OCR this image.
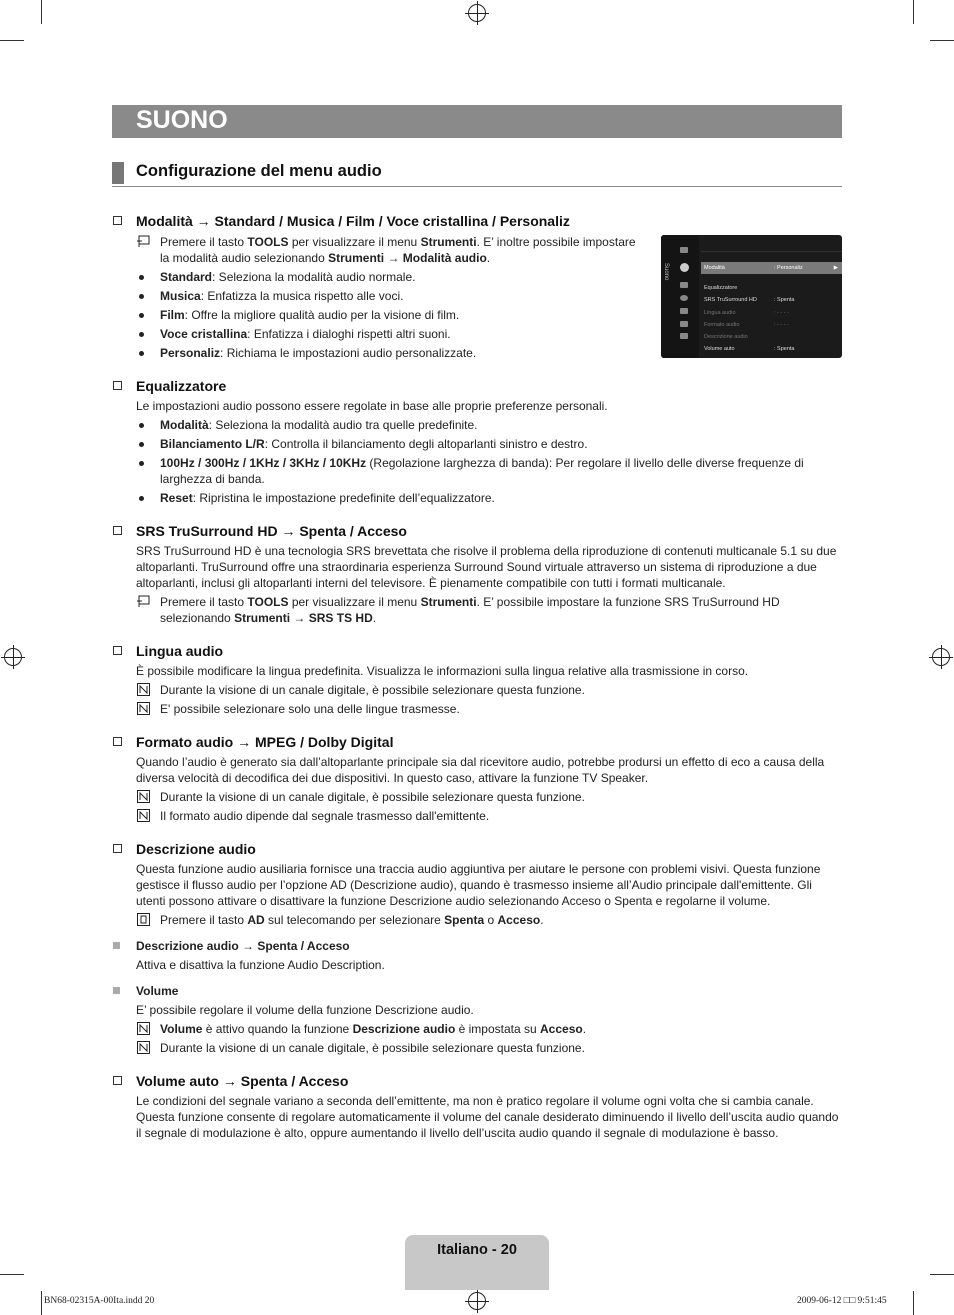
SUONO
Configurazione del menu audio
Suono	Modalità	: Personaliz	▶
Equalizzatore
SRS TruSurround HD	: Spenta
Lingua audio	: - - - -
Formato audio	: - - - -
Descrizione audio
Volume auto	: Spenta
Modalità → Standard / Musica / Film / Voce cristallina / Personaliz
Premere il tasto TOOLS per visualizzare il menu Strumenti. E’ inoltre possibile impostare la modalità audio selezionando Strumenti → Modalità audio.
Standard: Seleziona la modalità audio normale.
Musica: Enfatizza la musica rispetto alle voci.
Film: Offre la migliore qualità audio per la visione di film.
Voce cristallina: Enfatizza i dialoghi rispetti altri suoni.
Personaliz: Richiama le impostazioni audio personalizzate.
Equalizzatore
Le impostazioni audio possono essere regolate in base alle proprie preferenze personali.
Modalità: Seleziona la modalità audio tra quelle predefinite.
Bilanciamento L/R: Controlla il bilanciamento degli altoparlanti sinistro e destro.
100Hz / 300Hz / 1KHz / 3KHz / 10KHz (Regolazione larghezza di banda): Per regolare il livello delle diverse frequenze di larghezza di banda.
Reset: Ripristina le impostazione predefinite dell’equalizzatore.
SRS TruSurround HD → Spenta / Acceso
SRS TruSurround HD è una tecnologia SRS brevettata che risolve il problema della riproduzione di contenuti multicanale 5.1 su due altoparlanti. TruSurround offre una straordinaria esperienza Surround Sound virtuale attraverso un sistema di riproduzione a due altoparlanti, inclusi gli altoparlanti interni del televisore. È pienamente compatibile con tutti i formati multicanale.
Premere il tasto TOOLS per visualizzare il menu Strumenti. E’ possibile impostare la funzione SRS TruSurround HD selezionando Strumenti → SRS TS HD.
Lingua audio
È possibile modificare la lingua predefinita. Visualizza le informazioni sulla lingua relative alla trasmissione in corso.
Durante la visione di un canale digitale, è possibile selezionare questa funzione.
E' possibile selezionare solo una delle lingue trasmesse.
Formato audio → MPEG / Dolby Digital
Quando l’audio è generato sia dall’altoparlante principale sia dal ricevitore audio, potrebbe prodursi un effetto di eco a causa della diversa velocità di decodifica dei due dispositivi. In questo caso, attivare la funzione TV Speaker.
Durante la visione di un canale digitale, è possibile selezionare questa funzione.
Il formato audio dipende dal segnale trasmesso dall'emittente.
Descrizione audio
Questa funzione audio ausiliaria fornisce una traccia audio aggiuntiva per aiutare le persone con problemi visivi. Questa funzione gestisce il flusso audio per l’opzione AD (Descrizione audio), quando è trasmesso insieme all’Audio principale dall'emittente. Gli utenti possono attivare o disattivare la funzione Descrizione audio selezionando Acceso o Spenta e regolarne il volume.
Premere il tasto AD sul telecomando per selezionare Spenta o Acceso.
Descrizione audio → Spenta / Acceso
Attiva e disattiva la funzione Audio Description.
Volume
E’ possibile regolare il volume della funzione Descrizione audio.
Volume è attivo quando la funzione Descrizione audio è impostata su Acceso.
Durante la visione di un canale digitale, è possibile selezionare questa funzione.
Volume auto → Spenta / Acceso
Le condizioni del segnale variano a seconda dell’emittente, ma non è pratico regolare il volume ogni volta che si cambia canale. Questa funzione consente di regolare automaticamente il volume del canale desiderato diminuendo il livello dell’uscita audio quando il segnale di modulazione è alto, oppure aumentando il livello dell’uscita audio quando il segnale di modulazione è basso.
Italiano - 20
BN68-02315A-00Ita.indd 20	2009-06-12 □□ 9:51:45
